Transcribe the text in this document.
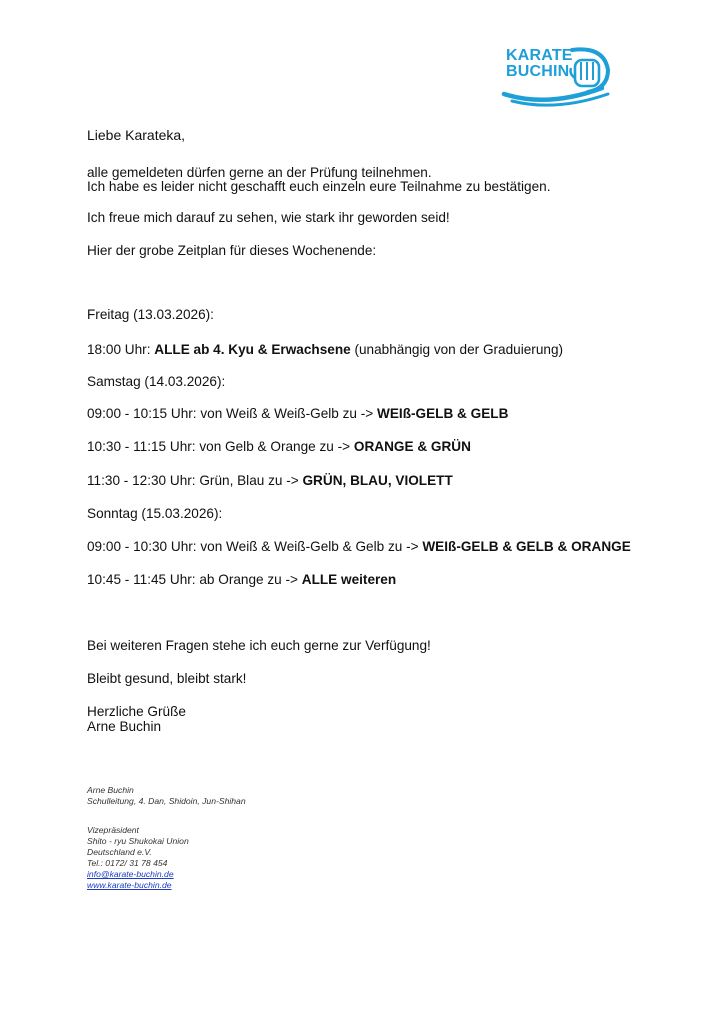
KARATE
BUCHIN
Liebe Karateka,
alle gemeldeten dürfen gerne an der Prüfung teilnehmen.
Ich habe es leider nicht geschafft euch einzeln eure Teilnahme zu bestätigen.
Ich freue mich darauf zu sehen, wie stark ihr geworden seid!
Hier der grobe Zeitplan für dieses Wochenende:
Freitag (13.03.2026):
18:00 Uhr: ALLE ab 4. Kyu & Erwachsene (unabhängig von der Graduierung)
Samstag (14.03.2026):
09:00 - 10:15 Uhr: von Weiß & Weiß-Gelb zu -> WEIß-GELB & GELB
10:30 - 11:15 Uhr: von Gelb & Orange zu -> ORANGE & GRÜN
11:30 - 12:30 Uhr: Grün, Blau zu -> GRÜN, BLAU, VIOLETT
Sonntag (15.03.2026):
09:00 - 10:30 Uhr: von Weiß & Weiß-Gelb & Gelb zu -> WEIß-GELB & GELB & ORANGE
10:45 - 11:45 Uhr: ab Orange zu -> ALLE weiteren
Bei weiteren Fragen stehe ich euch gerne zur Verfügung!
Bleibt gesund, bleibt stark!
Herzliche Grüße
Arne Buchin
Arne Buchin
Schulleitung, 4. Dan, Shidoin, Jun-Shihan
Vizepräsident
Shito - ryu Shukokai Union
Deutschland e.V.
Tel.: 0172/ 31 78 454
info@karate-buchin.de
www.karate-buchin.de
